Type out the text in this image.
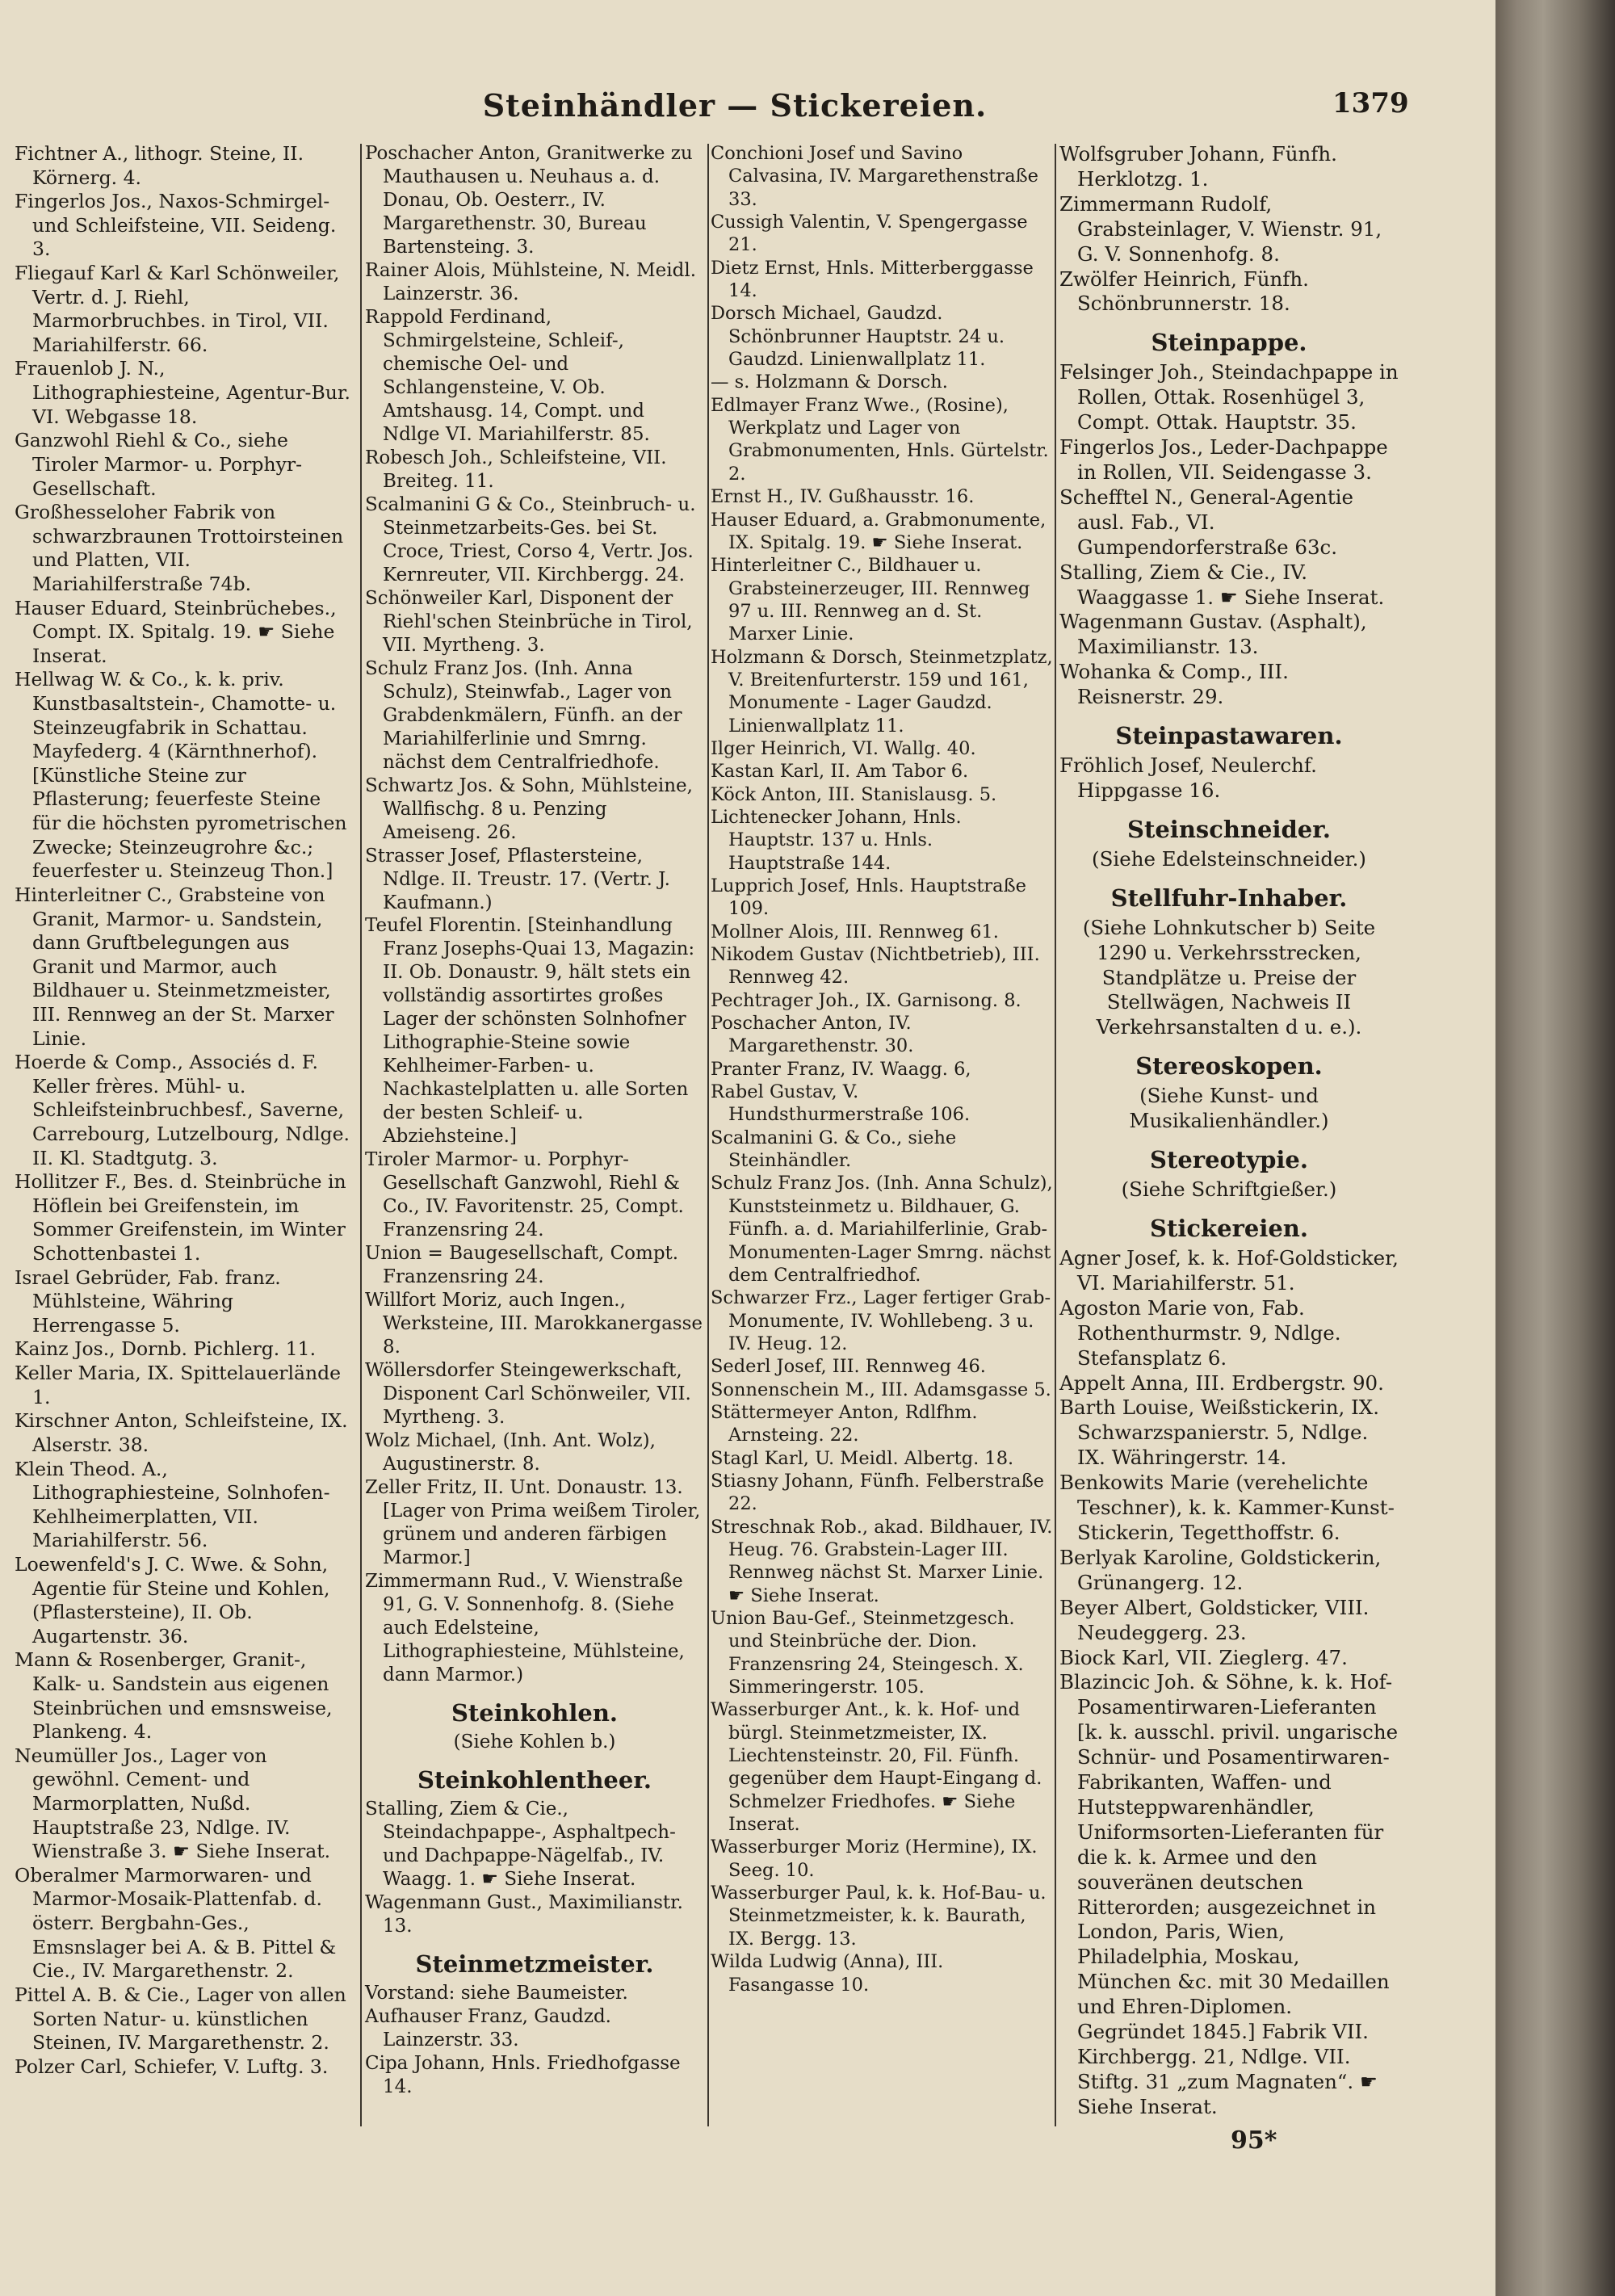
Steinhändler — Stickereien.	1379

Fichtner A., lithogr. Steine, II. Körnerg. 4.

Fingerlos Jos., Naxos-Schmirgel- und Schleifsteine, VII. Seideng. 3.

Fliegauf Karl & Karl Schönweiler, Vertr. d. J. Riehl, Marmorbruchbes. in Tirol, VII. Mariahilferstr. 66.

Frauenlob J. N., Lithographiesteine, Agentur-Bur. VI. Webgasse 18.

Ganzwohl Riehl & Co., siehe Tiroler Marmor- u. Porphyr-Gesellschaft.

Großhesseloher Fabrik von schwarzbraunen Trottoirsteinen und Platten, VII. Mariahilferstraße 74b.

Hauser Eduard, Steinbrüchebes., Compt. IX. Spitalg. 19. ☛ Siehe Inserat.

Hellwag W. & Co., k. k. priv. Kunstbasaltstein-, Chamotte- u. Steinzeugfabrik in Schattau. Mayfederg. 4 (Kärnthnerhof). [Künstliche Steine zur Pflasterung; feuerfeste Steine für die höchsten pyrometrischen Zwecke; Steinzeugrohre &c.; feuerfester u. Steinzeug Thon.]

Hinterleitner C., Grabsteine von Granit, Marmor- u. Sandstein, dann Gruftbelegungen aus Granit und Marmor, auch Bildhauer u. Steinmetzmeister, III. Rennweg an der St. Marxer Linie.

Hoerde & Comp., Associés d. F. Keller frères. Mühl- u. Schleifsteinbruchbesf., Saverne, Carrebourg, Lutzelbourg, Ndlge. II. Kl. Stadtgutg. 3.

Hollitzer F., Bes. d. Steinbrüche in Höflein bei Greifenstein, im Sommer Greifenstein, im Winter Schottenbastei 1.

Israel Gebrüder, Fab. franz. Mühlsteine, Währing Herrengasse 5.

Kainz Jos., Dornb. Pichlerg. 11.

Keller Maria, IX. Spittelauerlände 1.

Kirschner Anton, Schleifsteine, IX. Alserstr. 38.

Klein Theod. A., Lithographiesteine, Solnhofen-Kehlheimerplatten, VII. Mariahilferstr. 56.

Loewenfeld's J. C. Wwe. & Sohn, Agentie für Steine und Kohlen, (Pflastersteine), II. Ob. Augartenstr. 36.

Mann & Rosenberger, Granit-, Kalk- u. Sandstein aus eigenen Steinbrüchen und emsnsweise, Plankeng. 4.

Neumüller Jos., Lager von gewöhnl. Cement- und Marmorplatten, Nußd. Hauptstraße 23, Ndlge. IV. Wienstraße 3. ☛ Siehe Inserat.

Oberalmer Marmorwaren- und Marmor-Mosaik-Plattenfab. d. österr. Bergbahn-Ges., Emsnslager bei A. & B. Pittel & Cie., IV. Margarethenstr. 2.

Pittel A. B. & Cie., Lager von allen Sorten Natur- u. künstlichen Steinen, IV. Margarethenstr. 2.

Polzer Carl, Schiefer, V. Luftg. 3.

Poschacher Anton, Granitwerke zu Mauthausen u. Neuhaus a. d. Donau, Ob. Oesterr., IV. Margarethenstr. 30, Bureau Bartensteing. 3.

Rainer Alois, Mühlsteine, N. Meidl. Lainzerstr. 36.

Rappold Ferdinand, Schmirgelsteine, Schleif-, chemische Oel- und Schlangensteine, V. Ob. Amtshausg. 14, Compt. und Ndlge VI. Mariahilferstr. 85.

Robesch Joh., Schleifsteine, VII. Breiteg. 11.

Scalmanini G & Co., Steinbruch- u. Steinmetzarbeits-Ges. bei St. Croce, Triest, Corso 4, Vertr. Jos. Kernreuter, VII. Kirchbergg. 24.

Schönweiler Karl, Disponent der Riehl'schen Steinbrüche in Tirol, VII. Myrtheng. 3.

Schulz Franz Jos. (Inh. Anna Schulz), Steinwfab., Lager von Grabdenkmälern, Fünfh. an der Mariahilferlinie und Smrng. nächst dem Centralfriedhofe.

Schwartz Jos. & Sohn, Mühlsteine, Wallfischg. 8 u. Penzing Ameiseng. 26.

Strasser Josef, Pflastersteine, Ndlge. II. Treustr. 17. (Vertr. J. Kaufmann.)

Teufel Florentin. [Steinhandlung Franz Josephs-Quai 13, Magazin: II. Ob. Donaustr. 9, hält stets ein vollständig assortirtes großes Lager der schönsten Solnhofner Lithographie-Steine sowie Kehlheimer-Farben- u. Nachkastelplatten u. alle Sorten der besten Schleif- u. Abziehsteine.]

Tiroler Marmor- u. Porphyr-Gesellschaft Ganzwohl, Riehl & Co., IV. Favoritenstr. 25, Compt. Franzensring 24.

Union = Baugesellschaft, Compt. Franzensring 24.

Willfort Moriz, auch Ingen., Werksteine, III. Marokkanergasse 8.

Wöllersdorfer Steingewerkschaft, Disponent Carl Schönweiler, VII. Myrtheng. 3.

Wolz Michael, (Inh. Ant. Wolz), Augustinerstr. 8.

Zeller Fritz, II. Unt. Donaustr. 13. [Lager von Prima weißem Tiroler, grünem und anderen färbigen Marmor.]

Zimmermann Rud., V. Wienstraße 91, G. V. Sonnenhofg. 8. (Siehe auch Edelsteine, Lithographiesteine, Mühlsteine, dann Marmor.)

Steinkohlen.

(Siehe Kohlen b.)

Steinkohlentheer.

Stalling, Ziem & Cie., Steindachpappe-, Asphaltpech- und Dachpappe-Nägelfab., IV. Waagg. 1. ☛ Siehe Inserat.

Wagenmann Gust., Maximilianstr. 13.

Steinmetzmeister.

Vorstand: siehe Baumeister.

Aufhauser Franz, Gaudzd. Lainzerstr. 33.

Cipa Johann, Hnls. Friedhofgasse 14.

Conchioni Josef und Savino Calvasina, IV. Margarethenstraße 33.

Cussigh Valentin, V. Spengergasse 21.

Dietz Ernst, Hnls. Mitterberggasse 14.

Dorsch Michael, Gaudzd. Schönbrunner Hauptstr. 24 u. Gaudzd. Linienwallplatz 11.

— s. Holzmann & Dorsch.

Edlmayer Franz Wwe., (Rosine), Werkplatz und Lager von Grabmonumenten, Hnls. Gürtelstr. 2.

Ernst H., IV. Gußhausstr. 16.

Hauser Eduard, a. Grabmonumente, IX. Spitalg. 19. ☛ Siehe Inserat.

Hinterleitner C., Bildhauer u. Grabsteinerzeuger, III. Rennweg 97 u. III. Rennweg an d. St. Marxer Linie.

Holzmann & Dorsch, Steinmetzplatz, V. Breitenfurterstr. 159 und 161, Monumente - Lager Gaudzd. Linienwallplatz 11.

Ilger Heinrich, VI. Wallg. 40.

Kastan Karl, II. Am Tabor 6.

Köck Anton, III. Stanislausg. 5.

Lichtenecker Johann, Hnls. Hauptstr. 137 u. Hnls. Hauptstraße 144.

Lupprich Josef, Hnls. Hauptstraße 109.

Mollner Alois, III. Rennweg 61.

Nikodem Gustav (Nichtbetrieb), III. Rennweg 42.

Pechtrager Joh., IX. Garnisong. 8.

Poschacher Anton, IV. Margarethenstr. 30.

Pranter Franz, IV. Waagg. 6,

Rabel Gustav, V. Hundsthurmerstraße 106.

Scalmanini G. & Co., siehe Steinhändler.

Schulz Franz Jos. (Inh. Anna Schulz), Kunststeinmetz u. Bildhauer, G. Fünfh. a. d. Mariahilferlinie, Grab-Monumenten-Lager Smrng. nächst dem Centralfriedhof.

Schwarzer Frz., Lager fertiger Grab-Monumente, IV. Wohllebeng. 3 u. IV. Heug. 12.

Sederl Josef, III. Rennweg 46.

Sonnenschein M., III. Adamsgasse 5.

Stättermeyer Anton, Rdlfhm. Arnsteing. 22.

Stagl Karl, U. Meidl. Albertg. 18.

Stiasny Johann, Fünfh. Felberstraße 22.

Streschnak Rob., akad. Bildhauer, IV. Heug. 76. Grabstein-Lager III. Rennweg nächst St. Marxer Linie. ☛ Siehe Inserat.

Union Bau-Gef., Steinmetzgesch. und Steinbrüche der. Dion. Franzensring 24, Steingesch. X. Simmeringerstr. 105.

Wasserburger Ant., k. k. Hof- und bürgl. Steinmetzmeister, IX. Liechtensteinstr. 20, Fil. Fünfh. gegenüber dem Haupt-Eingang d. Schmelzer Friedhofes. ☛ Siehe Inserat.

Wasserburger Moriz (Hermine), IX. Seeg. 10.

Wasserburger Paul, k. k. Hof-Bau- u. Steinmetzmeister, k. k. Baurath, IX. Bergg. 13.

Wilda Ludwig (Anna), III. Fasangasse 10.

Wolfsgruber Johann, Fünfh. Herklotzg. 1.

Zimmermann Rudolf, Grabsteinlager, V. Wienstr. 91, G. V. Sonnenhofg. 8.

Zwölfer Heinrich, Fünfh. Schönbrunnerstr. 18.

Steinpappe.

Felsinger Joh., Steindachpappe in Rollen, Ottak. Rosenhügel 3, Compt. Ottak. Hauptstr. 35.

Fingerlos Jos., Leder-Dachpappe in Rollen, VII. Seidengasse 3.

Schefftel N., General-Agentie ausl. Fab., VI. Gumpendorferstraße 63c.

Stalling, Ziem & Cie., IV. Waaggasse 1. ☛ Siehe Inserat.

Wagenmann Gustav. (Asphalt), Maximilianstr. 13.

Wohanka & Comp., III. Reisnerstr. 29.

Steinpastawaren.

Fröhlich Josef, Neulerchf. Hippgasse 16.

Steinschneider.

(Siehe Edelsteinschneider.)

Stellfuhr-Inhaber.

(Siehe Lohnkutscher b) Seite 1290 u. Verkehrsstrecken, Standplätze u. Preise der Stellwägen, Nachweis II Verkehrsanstalten d u. e.).

Stereoskopen.

(Siehe Kunst- und Musikalienhändler.)

Stereotypie.

(Siehe Schriftgießer.)

Stickereien.

Agner Josef, k. k. Hof-Goldsticker, VI. Mariahilferstr. 51.

Agoston Marie von, Fab. Rothenthurmstr. 9, Ndlge. Stefansplatz 6.

Appelt Anna, III. Erdbergstr. 90.

Barth Louise, Weißstickerin, IX. Schwarzspanierstr. 5, Ndlge. IX. Währingerstr. 14.

Benkowits Marie (verehelichte Teschner), k. k. Kammer-Kunst-Stickerin, Tegetthoffstr. 6.

Berlyak Karoline, Goldstickerin, Grünangerg. 12.

Beyer Albert, Goldsticker, VIII. Neudeggerg. 23.

Biock Karl, VII. Zieglerg. 47.

Blazincic Joh. & Söhne, k. k. Hof-Posamentirwaren-Lieferanten [k. k. ausschl. privil. ungarische Schnür- und Posamentirwaren-Fabrikanten, Waffen- und Hutsteppwarenhändler, Uniformsorten-Lieferanten für die k. k. Armee und den souveränen deutschen Ritterorden; ausgezeichnet in London, Paris, Wien, Philadelphia, Moskau, München &c. mit 30 Medaillen und Ehren-Diplomen. Gegründet 1845.] Fabrik VII. Kirchbergg. 21, Ndlge. VII. Stiftg. 31 „zum Magnaten“. ☛ Siehe Inserat.

95*
